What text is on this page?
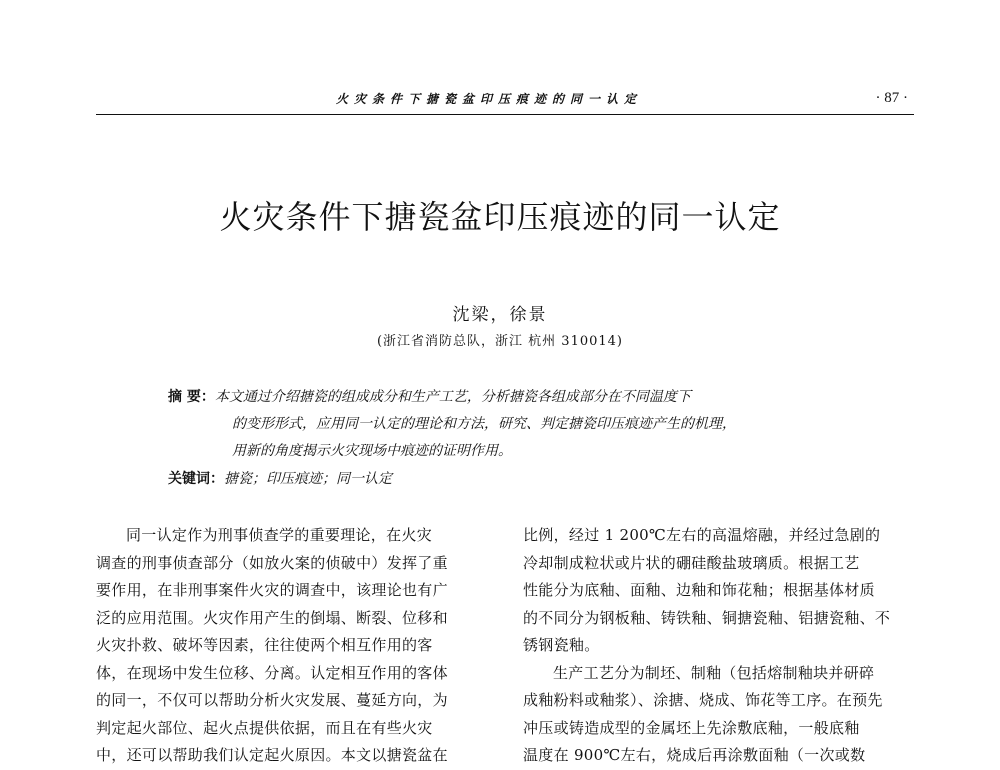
火灾条件下搪瓷盆印压痕迹的同一认定	· 87 ·
火灾条件下搪瓷盆印压痕迹的同一认定
沈梁，徐景
(浙江省消防总队，浙江 杭州 310014)
摘 要：本文通过介绍搪瓷的组成成分和生产工艺，分析搪瓷各组成部分在不同温度下
的变形形式，应用同一认定的理论和方法，研究、判定搪瓷印压痕迹产生的机理，
用新的角度揭示火灾现场中痕迹的证明作用。
关键词：搪瓷；印压痕迹；同一认定
同一认定作为刑事侦查学的重要理论，在火灾
调查的刑事侦查部分（如放火案的侦破中）发挥了重
要作用，在非刑事案件火灾的调查中，该理论也有广
泛的应用范围。火灾作用产生的倒塌、断裂、位移和
火灾扑救、破坏等因素，往往使两个相互作用的客
体，在现场中发生位移、分离。认定相互作用的客体
的同一，不仅可以帮助分析火灾发展、蔓延方向，为
判定起火部位、起火点提供依据，而且在有些火灾
中，还可以帮助我们认定起火原因。本文以搪瓷盆在
比例，经过 1 200℃左右的高温熔融，并经过急剧的
冷却制成粒状或片状的硼硅酸盐玻璃质。根据工艺
性能分为底釉、面釉、边釉和饰花釉；根据基体材质
的不同分为钢板釉、铸铁釉、铜搪瓷釉、铝搪瓷釉、不
锈钢瓷釉。
生产工艺分为制坯、制釉（包括熔制釉块并研碎
成釉粉料或釉浆）、涂搪、烧成、饰花等工序。在预先
冲压或铸造成型的金属坯上先涂敷底釉，一般底釉
温度在 900℃左右，烧成后再涂敷面釉（一次或数
